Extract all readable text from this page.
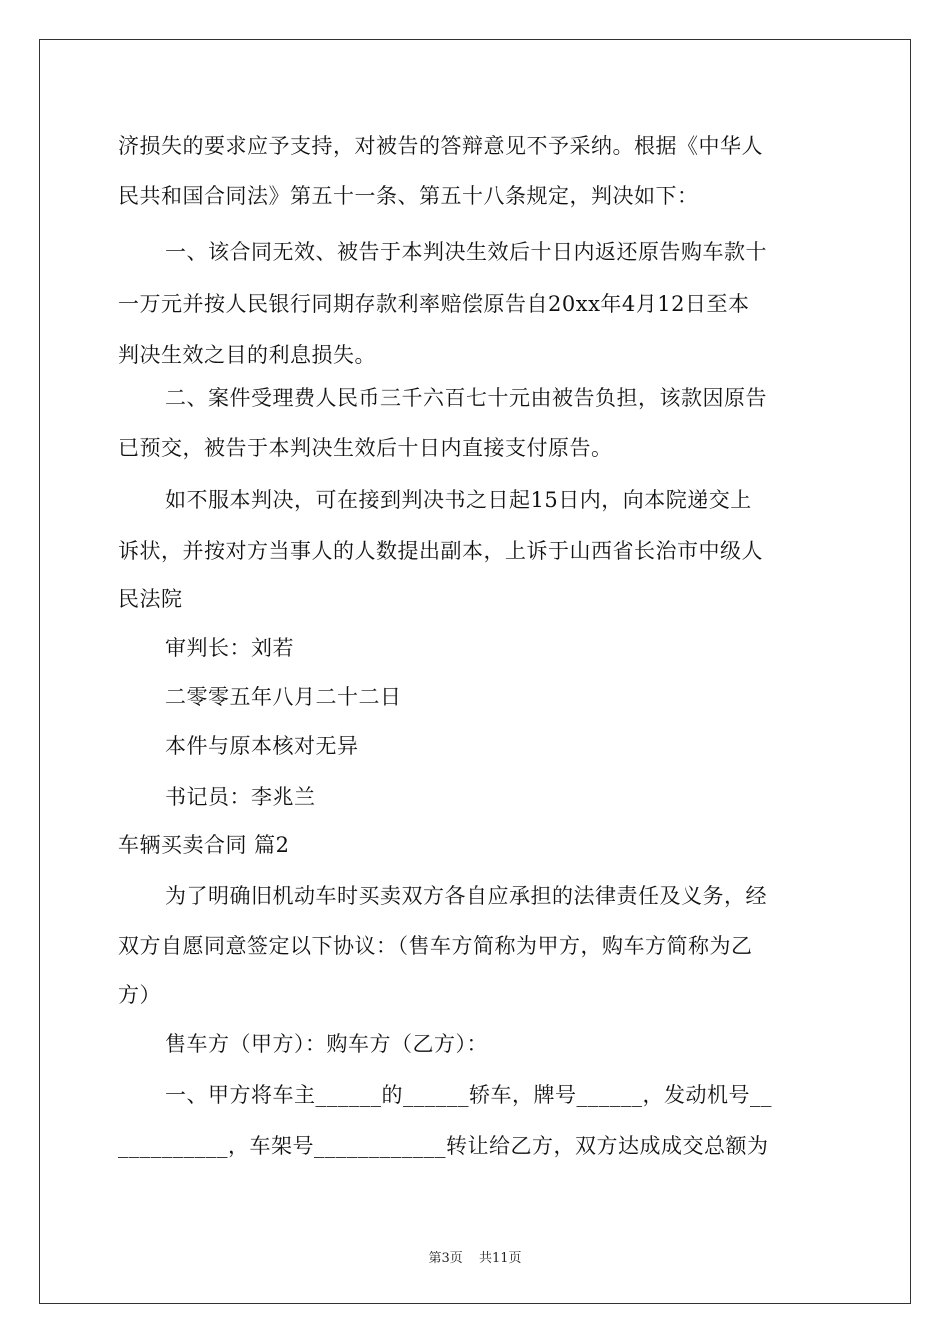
济损失的要求应予支持，对被告的答辩意见不予采纳。根据《中华人
民共和国合同法》第五十一条、第五十八条规定，判决如下：
一、该合同无效、被告于本判决生效后十日内返还原告购车款十
一万元并按人民银行同期存款利率赔偿原告自20xx年4月12日至本
判决生效之目的利息损失。
二、案件受理费人民币三千六百七十元由被告负担，该款因原告
已预交，被告于本判决生效后十日内直接支付原告。
如不服本判决，可在接到判决书之日起15日内，向本院递交上
诉状，并按对方当事人的人数提出副本，上诉于山西省长治市中级人
民法院
审判长：刘若
二零零五年八月二十二日
本件与原本核对无异
书记员：李兆兰
车辆买卖合同 篇2
为了明确旧机动车时买卖双方各自应承担的法律责任及义务，经
双方自愿同意签定以下协议：（售车方简称为甲方，购车方简称为乙
方）
售车方（甲方）：购车方（乙方）：
一、甲方将车主______的______轿车，牌号______，发动机号__
__________，车架号____________转让给乙方，双方达成成交总额为
第3页 共11页
